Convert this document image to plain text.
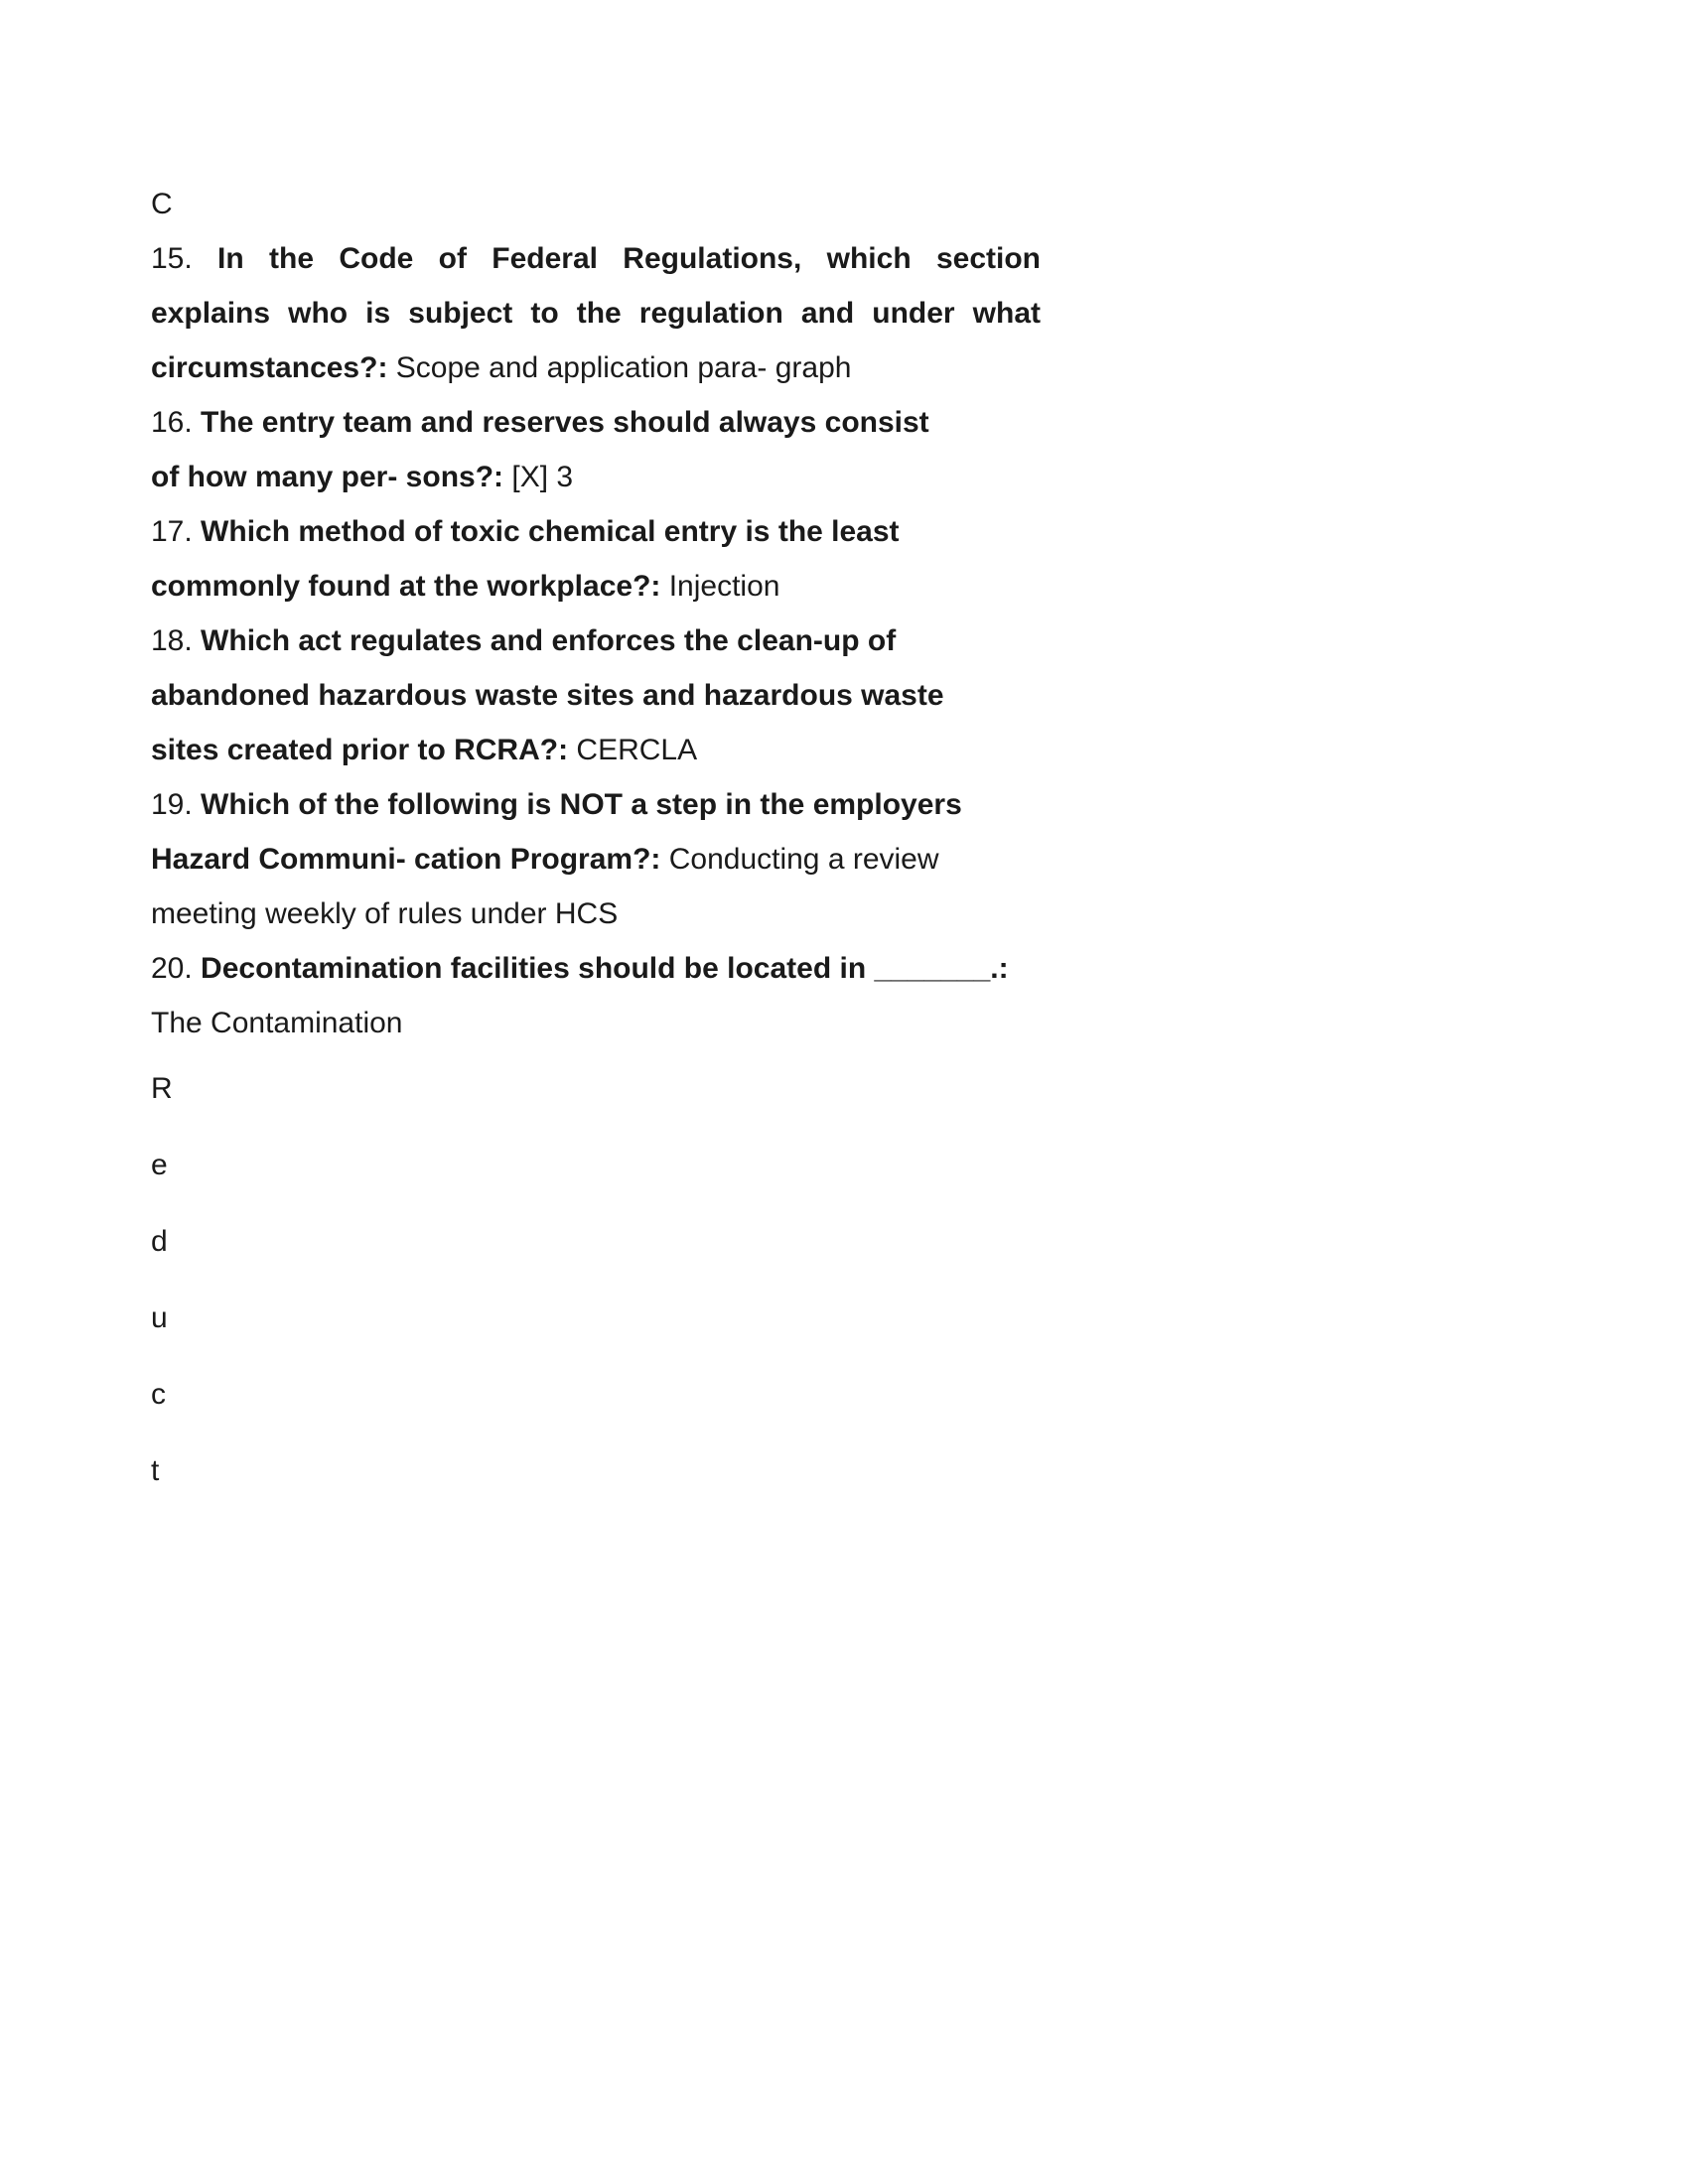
C
15. In the Code of Federal Regulations, which section
explains who is subject to the regulation and under what
circumstances?: Scope and application para- graph
16. The entry team and reserves should always consist
of how many per- sons?: [X] 3
17. Which method of toxic chemical entry is the least
commonly found at the workplace?: Injection
18. Which act regulates and enforces the clean-up of
abandoned hazardous waste sites and hazardous waste
sites created prior to RCRA?: CERCLA
19. Which of the following is NOT a step in the employers
Hazard Communi- cation Program?: Conducting a review
meeting weekly of rules under HCS
20. Decontamination facilities should be located in _______.:
The Contamination
R
e
d
u
c
t
